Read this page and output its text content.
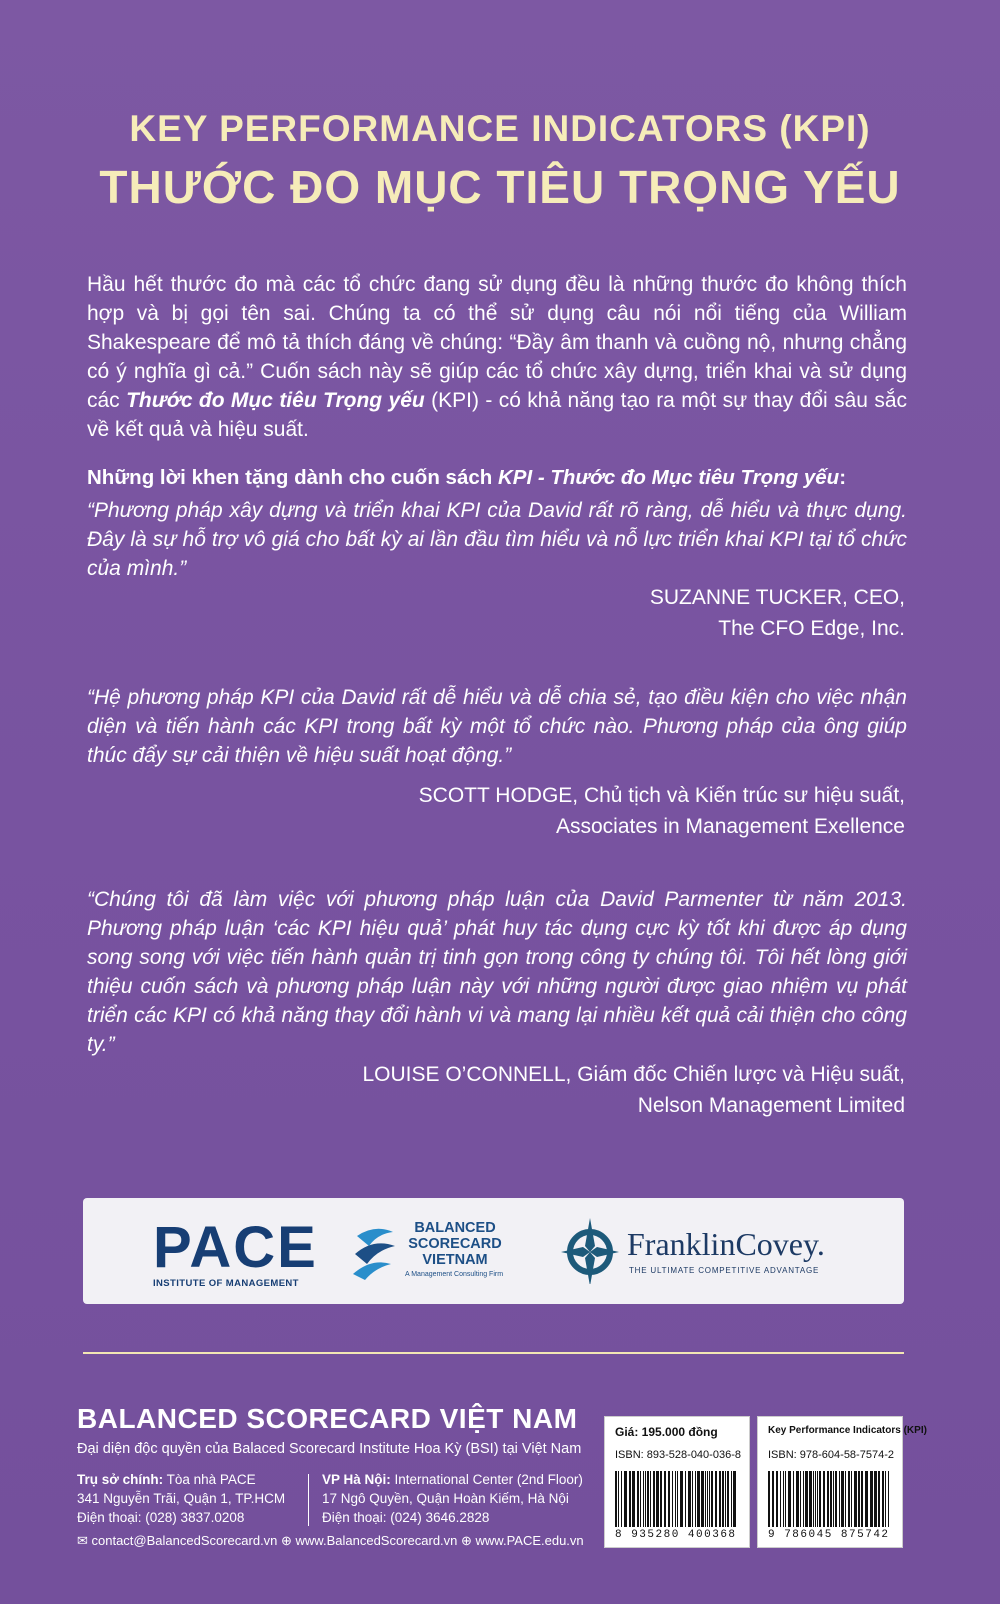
KEY PERFORMANCE INDICATORS (KPI)
THƯỚC ĐO MỤC TIÊU TRỌNG YẾU

Hầu hết thước đo mà các tổ chức đang sử dụng đều là những thước đo không thích hợp và bị gọi tên sai. Chúng ta có thể sử dụng câu nói nổi tiếng của William Shakespeare để mô tả thích đáng về chúng: “Đầy âm thanh và cuồng nộ, nhưng chẳng có ý nghĩa gì cả.” Cuốn sách này sẽ giúp các tổ chức xây dựng, triển khai và sử dụng các Thước đo Mục tiêu Trọng yếu (KPI) - có khả năng tạo ra một sự thay đổi sâu sắc về kết quả và hiệu suất.

Những lời khen tặng dành cho cuốn sách KPI - Thước đo Mục tiêu Trọng yếu:

“Phương pháp xây dựng và triển khai KPI của David rất rõ ràng, dễ hiểu và thực dụng. Đây là sự hỗ trợ vô giá cho bất kỳ ai lần đầu tìm hiểu và nỗ lực triển khai KPI tại tổ chức của mình.”

SUZANNE TUCKER, CEO,
The CFO Edge, Inc.

“Hệ phương pháp KPI của David rất dễ hiểu và dễ chia sẻ, tạo điều kiện cho việc nhận diện và tiến hành các KPI trong bất kỳ một tổ chức nào. Phương pháp của ông giúp thúc đẩy sự cải thiện về hiệu suất hoạt động.”

SCOTT HODGE, Chủ tịch và Kiến trúc sư hiệu suất,
Associates in Management Exellence

“Chúng tôi đã làm việc với phương pháp luận của David Parmenter từ năm 2013. Phương pháp luận ‘các KPI hiệu quả’ phát huy tác dụng cực kỳ tốt khi được áp dụng song song với việc tiến hành quản trị tinh gọn trong công ty chúng tôi. Tôi hết lòng giới thiệu cuốn sách và phương pháp luận này với những người được giao nhiệm vụ phát triển các KPI có khả năng thay đổi hành vi và mang lại nhiều kết quả cải thiện cho công ty.”

LOUISE O’CONNELL, Giám đốc Chiến lược và Hiệu suất,
Nelson Management Limited
PACE
INSTITUTE OF MANAGEMENT
BALANCED
SCORECARD
VIETNAM
A Management Consulting Firm
FranklinCovey.
THE ULTIMATE COMPETITIVE ADVANTAGE
BALANCED SCORECARD VIỆT NAM
Đại diện độc quyền của Balaced Scorecard Institute Hoa Kỳ (BSI) tại Việt Nam
Trụ sở chính: Tòa nhà PACE
341 Nguyễn Trãi, Quận 1, TP.HCM
Điện thoại: (028) 3837.0208
VP Hà Nội: International Center (2nd Floor)
17 Ngô Quyền, Quận Hoàn Kiếm, Hà Nội
Điện thoại: (024) 3646.2828
✉ contact@BalancedScorecard.vn ⊕ www.BalancedScorecard.vn ⊕ www.PACE.edu.vn
Giá: 195.000 đồng
ISBN: 893-528-040-036-8
8 935280 400368
Key Performance Indicators (KPI)
ISBN: 978-604-58-7574-2
9 786045 875742
